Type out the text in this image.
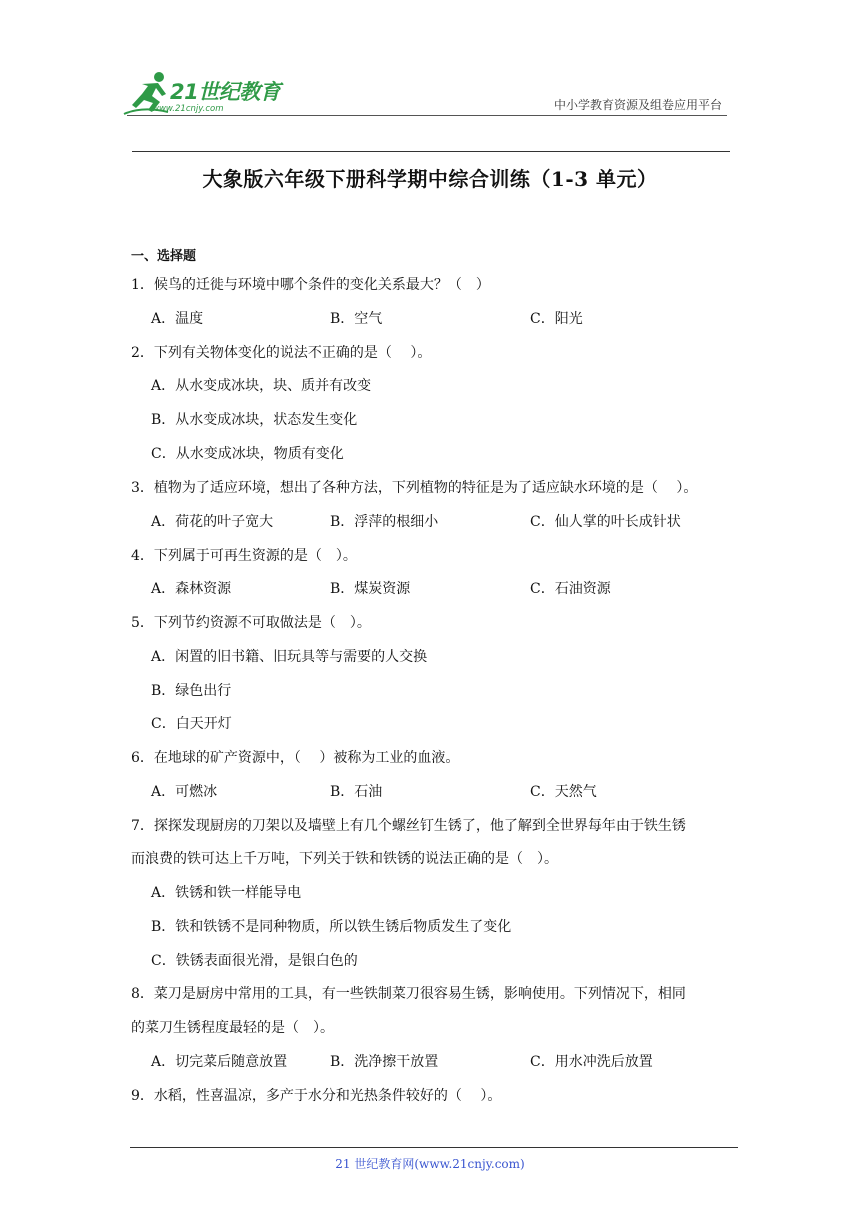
21世纪教育
www.21cnjy.com	中小学教育资源及组卷应用平台
大象版六年级下册科学期中综合训练（1-3 单元）
一、选择题
1．候鸟的迁徙与环境中哪个条件的变化关系最大？（　）
A．温度	B．空气	C．阳光
2．下列有关物体变化的说法不正确的是（　 ）。
A．从水变成冰块，块、质并有改变
B．从水变成冰块，状态发生变化
C．从水变成冰块，物质有变化
3．植物为了适应环境，想出了各种方法，下列植物的特征是为了适应缺水环境的是（　 ）。
A．荷花的叶子宽大	B．浮萍的根细小	C．仙人掌的叶长成针状
4．下列属于可再生资源的是（　）。
A．森林资源	B．煤炭资源	C．石油资源
5．下列节约资源不可取做法是（　）。
A．闲置的旧书籍、旧玩具等与需要的人交换
B．绿色出行
C．白天开灯
6．在地球的矿产资源中，（　 ）被称为工业的血液。
A．可燃冰	B．石油	C．天然气
7．探探发现厨房的刀架以及墙壁上有几个螺丝钉生锈了，他了解到全世界每年由于铁生锈
而浪费的铁可达上千万吨，下列关于铁和铁锈的说法正确的是（　）。
A．铁锈和铁一样能导电
B．铁和铁锈不是同种物质，所以铁生锈后物质发生了变化
C．铁锈表面很光滑，是银白色的
8．菜刀是厨房中常用的工具，有一些铁制菜刀很容易生锈，影响使用。下列情况下，相同
的菜刀生锈程度最轻的是（　）。
A．切完菜后随意放置	B．洗净擦干放置	C．用水冲洗后放置
9．水稻，性喜温凉，多产于水分和光热条件较好的（　 ）。
21 世纪教育网(www.21cnjy.com)
